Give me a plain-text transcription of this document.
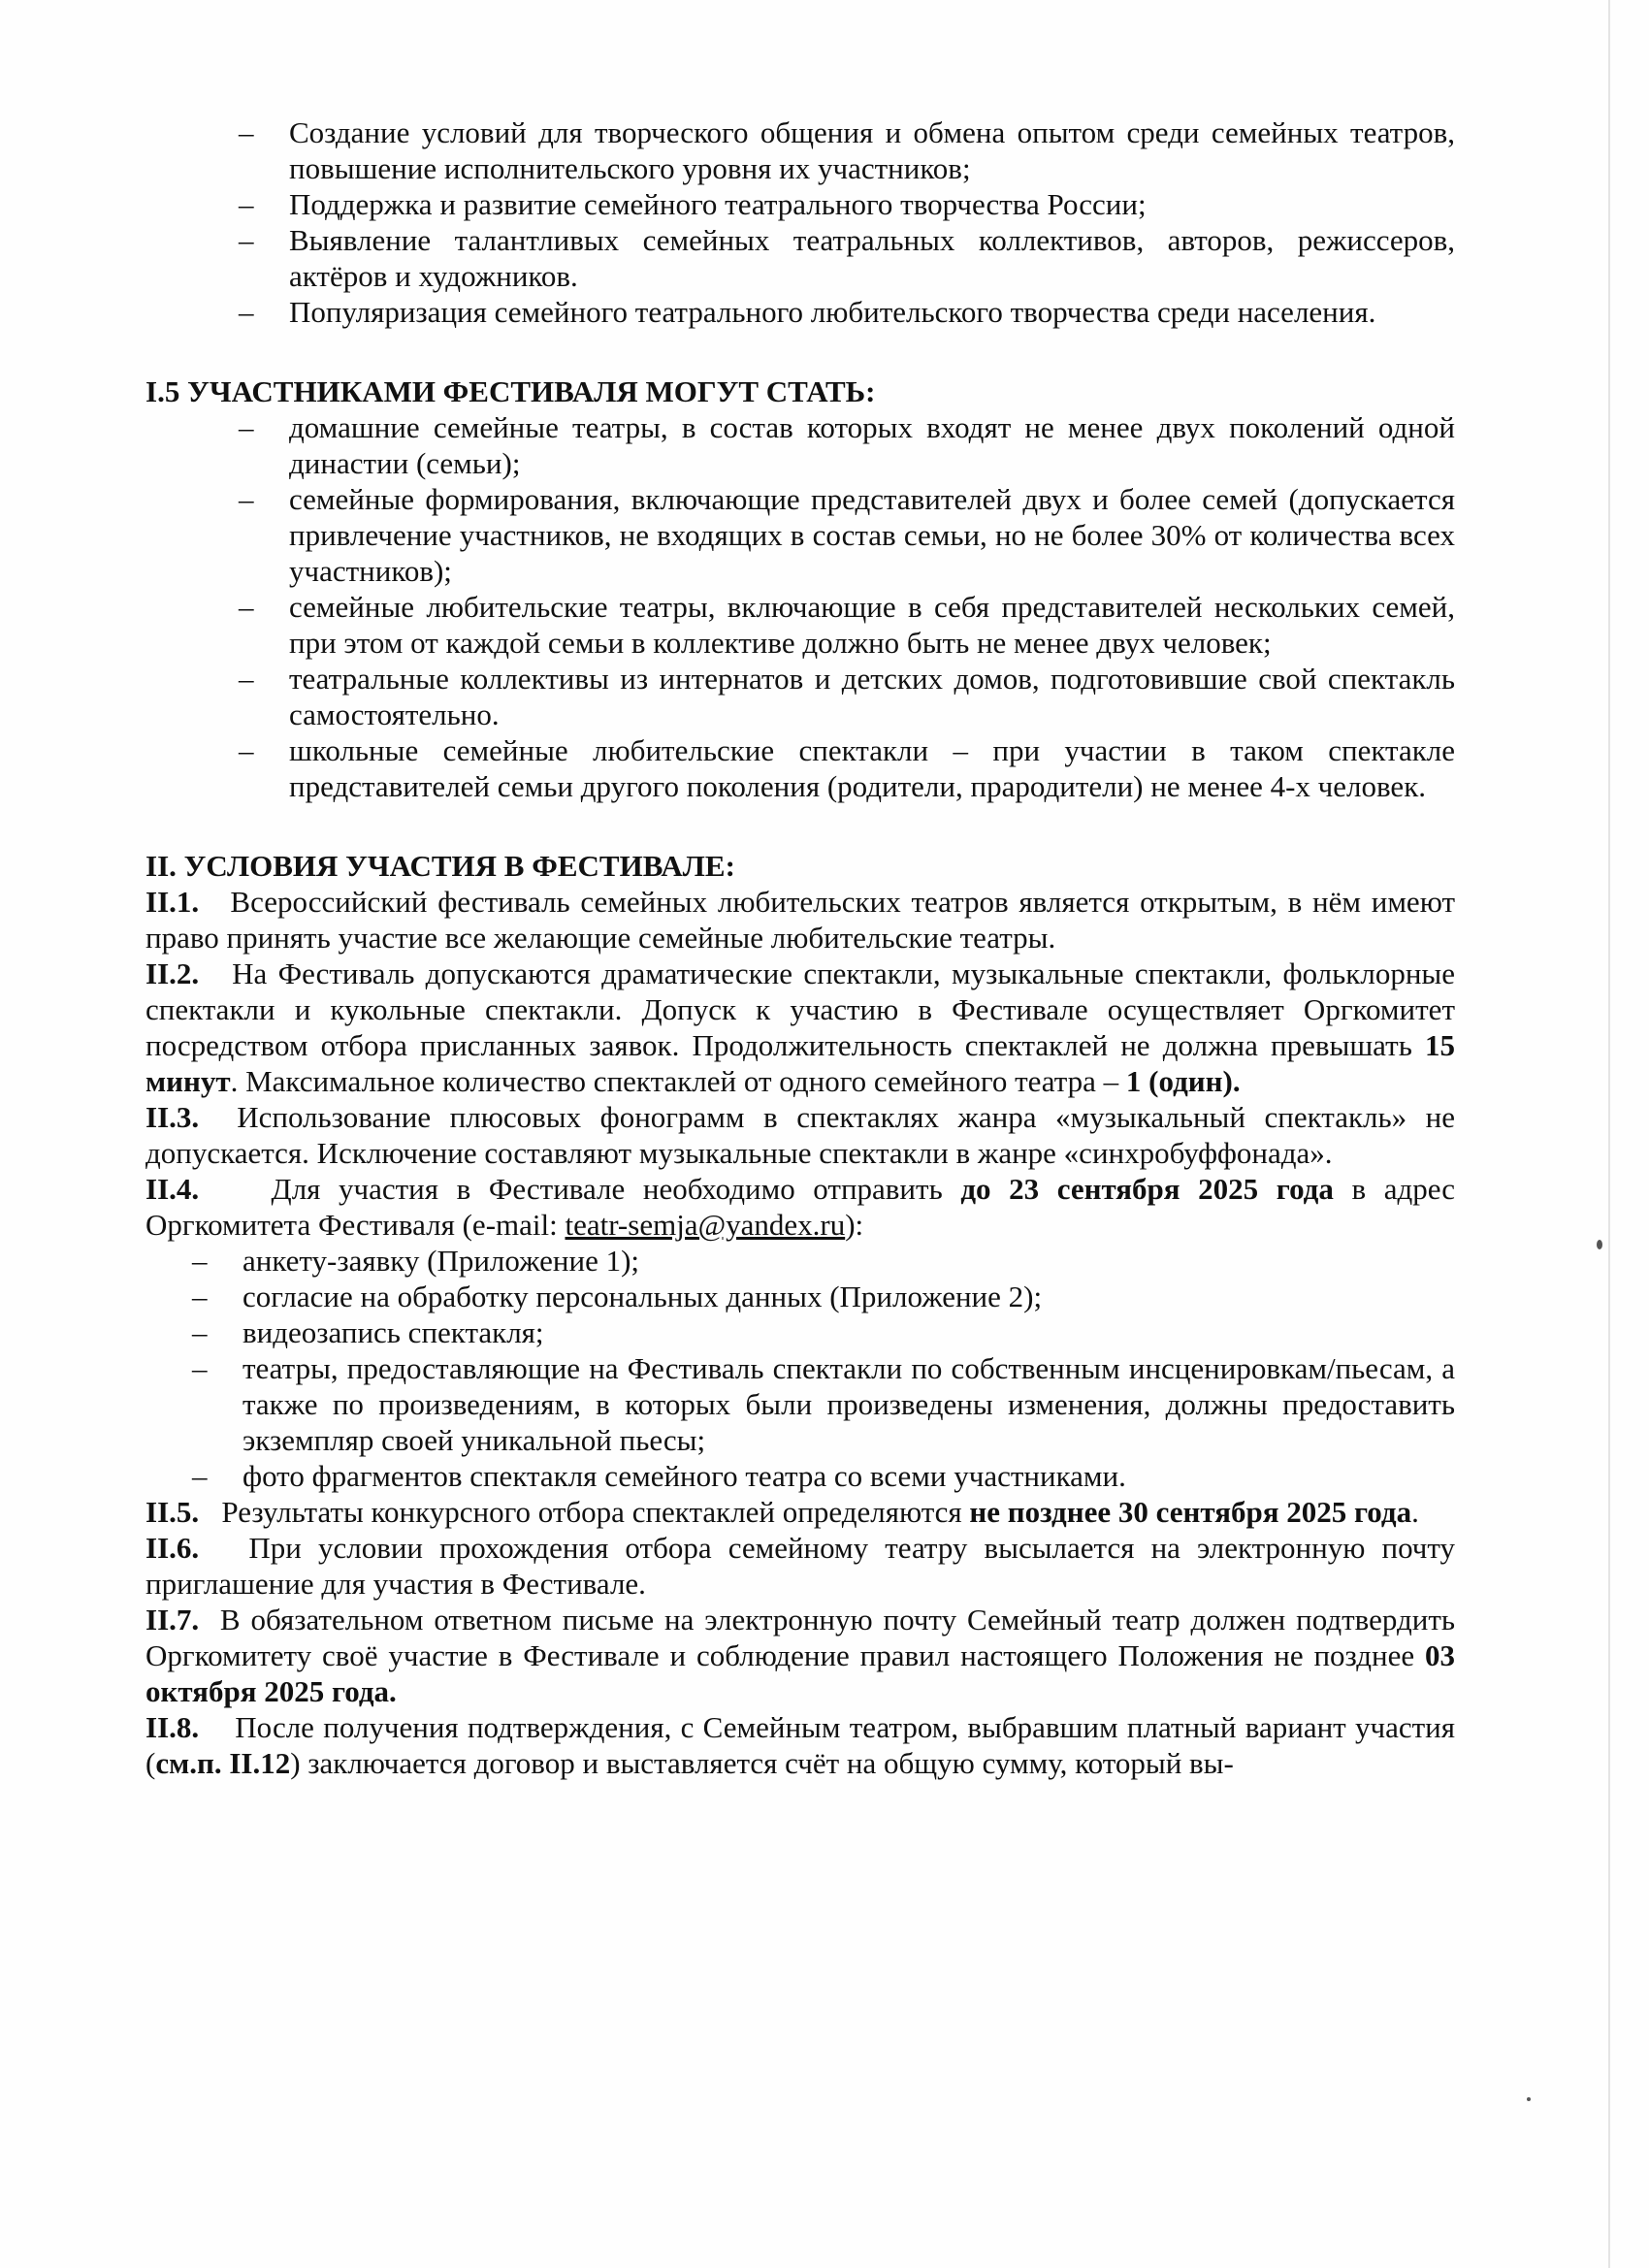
– Создание условий для творческого общения и обмена опытом среди семейных театров, повышение исполнительского уровня их участников;
– Поддержка и развитие семейного театрального творчества России;
– Выявление талантливых семейных театральных коллективов, авторов, режиссеров, актёров и художников.
– Популяризация семейного театрального любительского творчества среди населения.

I.5 УЧАСТНИКАМИ ФЕСТИВАЛЯ МОГУТ СТАТЬ:

– домашние семейные театры, в состав которых входят не менее двух поколений одной династии (семьи);
– семейные формирования, включающие представителей двух и более семей (допускается привлечение участников, не входящих в состав семьи, но не более 30% от количества всех участников);
– семейные любительские театры, включающие в себя представителей нескольких семей, при этом от каждой семьи в коллективе должно быть не менее двух человек;
– театральные коллективы из интернатов и детских домов, подготовившие свой спектакль самостоятельно.
– школьные семейные любительские спектакли – при участии в таком спектакле представителей семьи другого поколения (родители, прародители) не менее 4-х человек.

II. УСЛОВИЯ УЧАСТИЯ В ФЕСТИВАЛЕ:

II.1. Всероссийский фестиваль семейных любительских театров является открытым, в нём имеют право принять участие все желающие семейные любительские театры.

II.2. На Фестиваль допускаются драматические спектакли, музыкальные спектакли, фольклорные спектакли и кукольные спектакли. Допуск к участию в Фестивале осуществляет Оргкомитет посредством отбора присланных заявок. Продолжительность спектаклей не должна превышать 15 минут. Максимальное количество спектаклей от одного семейного театра – 1 (один).

II.3. Использование плюсовых фонограмм в спектаклях жанра «музыкальный спектакль» не допускается. Исключение составляют музыкальные спектакли в жанре «синхробуффонада».

II.4. Для участия в Фестивале необходимо отправить до 23 сентября 2025 года в адрес Оргкомитета Фестиваля (e-mail: teatr-semja@yandex.ru):

– анкету-заявку (Приложение 1);
– согласие на обработку персональных данных (Приложение 2);
– видеозапись спектакля;
– театры, предоставляющие на Фестиваль спектакли по собственным инсценировкам/пьесам, а также по произведениям, в которых были произведены изменения, должны предоставить экземпляр своей уникальной пьесы;
– фото фрагментов спектакля семейного театра со всеми участниками.

II.5. Результаты конкурсного отбора спектаклей определяются не позднее 30 сентября 2025 года.

II.6. При условии прохождения отбора семейному театру высылается на электронную почту приглашение для участия в Фестивале.

II.7. В обязательном ответном письме на электронную почту Семейный театр должен подтвердить Оргкомитету своё участие в Фестивале и соблюдение правил настоящего Положения не позднее 03 октября 2025 года.

II.8. После получения подтверждения, с Семейным театром, выбравшим платный вариант участия (см.п. II.12) заключается договор и выставляется счёт на общую сумму, который вы-
